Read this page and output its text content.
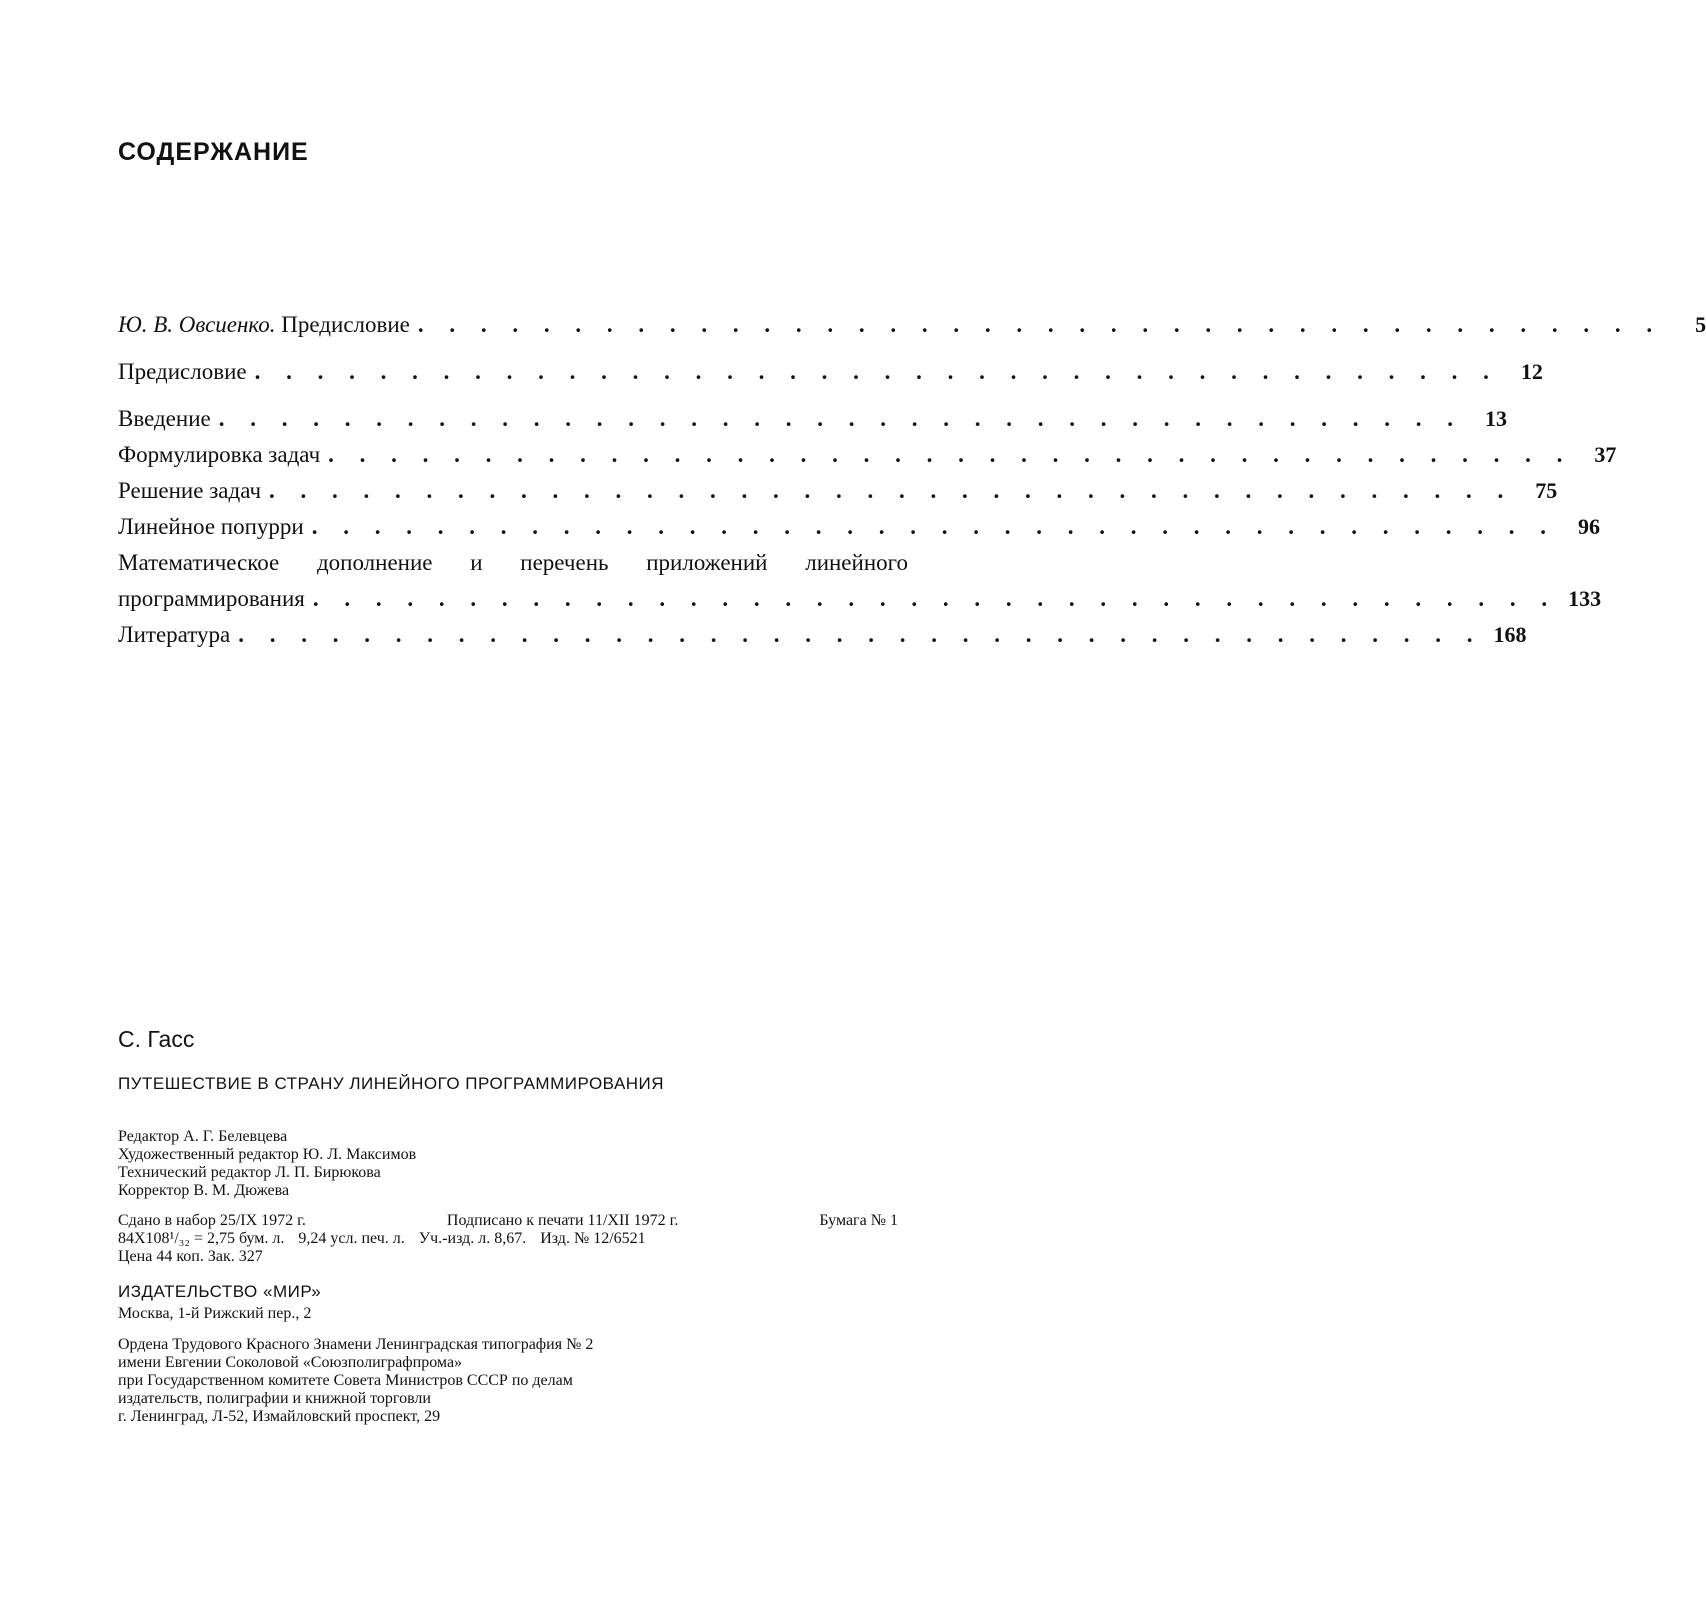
СОДЕРЖАНИЕ
Ю. В. Овсиенко. Предисловие . . . . . . . . . . . . . . . . . . . . . . . . . . . . . . . . . . . . . . . .	5
Предисловие . . . . . . . . . . . . . . . . . . . . . . . . . . . . . . . . . . . . . . . .	12
Введение . . . . . . . . . . . . . . . . . . . . . . . . . . . . . . . . . . . . . . . .	13
Формулировка задач . . . . . . . . . . . . . . . . . . . . . . . . . . . . . . . . . . . . . . . .	37
Решение задач . . . . . . . . . . . . . . . . . . . . . . . . . . . . . . . . . . . . . . . .	75
Линейное попурри . . . . . . . . . . . . . . . . . . . . . . . . . . . . . . . . . . . . . . . .	96
Математическое дополнение и перечень приложений линейного
программирования . . . . . . . . . . . . . . . . . . . . . . . . . . . . . . . . . . . . . . . . 133
Литература . . . . . . . . . . . . . . . . . . . . . . . . . . . . . . . . . . . . . . . . 168
С. Гасс
ПУТЕШЕСТВИЕ В СТРАНУ ЛИНЕЙНОГО ПРОГРАММИРОВАНИЯ
Редактор А. Г. Белевцева
Художественный редактор Ю. Л. Максимов
Технический редактор Л. П. Бирюкова
Корректор В. М. Дюжева
Сдано в набор 25/IX 1972 г.	Подписано к печати 11/XII 1972 г.	Бумага № 1
84Х108¹/₃₂ = 2,75 бум. л. 9,24 усл. печ. л. Уч.-изд. л. 8,67. Изд. № 12/6521
Цена 44 коп. Зак. 327
ИЗДАТЕЛЬСТВО «МИР»
Москва, 1-й Рижский пер., 2
Ордена Трудового Красного Знамени Ленинградская типография № 2
имени Евгении Соколовой «Союзполиграфпрома»
при Государственном комитете Совета Министров СССР по делам
издательств, полиграфии и книжной торговли
г. Ленинград, Л-52, Измайловский проспект, 29
